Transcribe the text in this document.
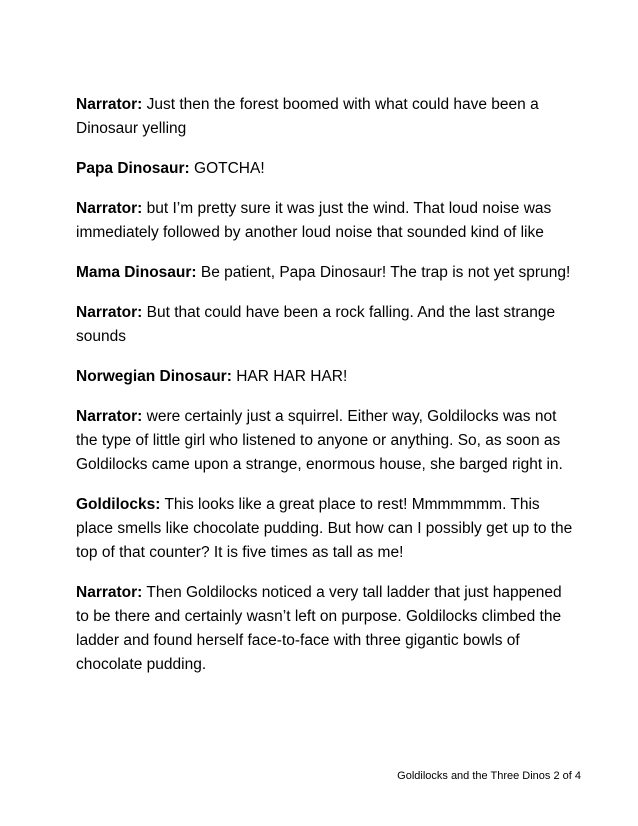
Narrator: Just then the forest boomed with what could have been a Dinosaur yelling

Papa Dinosaur: GOTCHA!

Narrator: but I’m pretty sure it was just the wind. That loud noise was immediately followed by another loud noise that sounded kind of like

Mama Dinosaur: Be patient, Papa Dinosaur! The trap is not yet sprung!

Narrator: But that could have been a rock falling. And the last strange sounds

Norwegian Dinosaur: HAR HAR HAR!

Narrator: were certainly just a squirrel. Either way, Goldilocks was not the type of little girl who listened to anyone or anything. So, as soon as Goldilocks came upon a strange, enormous house, she barged right in.

Goldilocks: This looks like a great place to rest! Mmmmmmm. This place smells like chocolate pudding. But how can I possibly get up to the top of that counter? It is five times as tall as me!

Narrator: Then Goldilocks noticed a very tall ladder that just happened to be there and certainly wasn’t left on purpose. Goldilocks climbed the ladder and found herself face-to-face with three gigantic bowls of chocolate pudding.

Goldilocks and the Three Dinos 2 of 4
